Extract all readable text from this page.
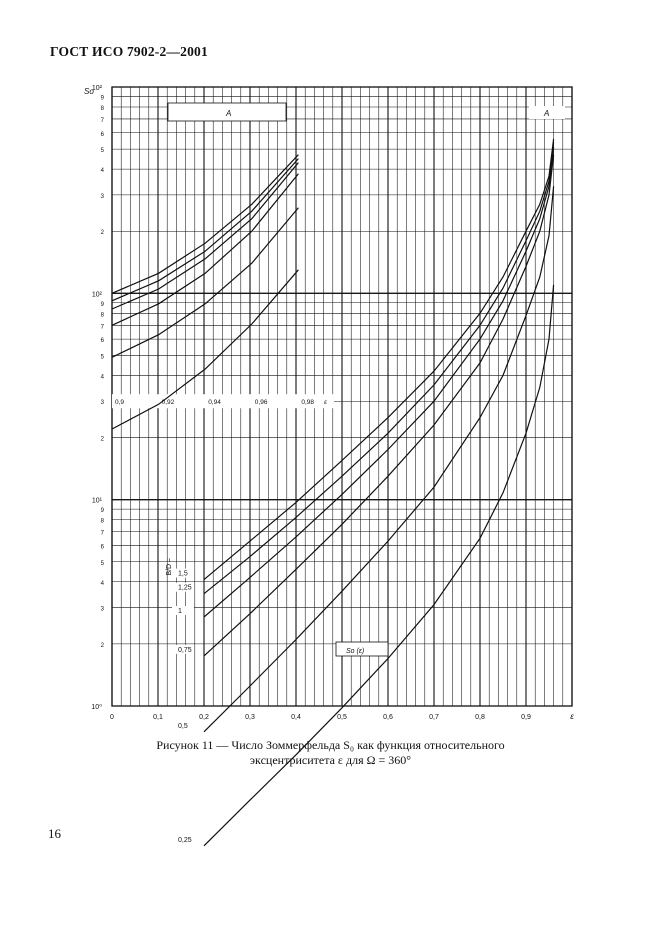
ГОСТ ИСО 7902-2—2001
0,9	0,92	0,94	0,96	0,98 ε
A
1,5
1,25
1
0,75
0,5
0,25
B/D =
A
So (ε)
So
10⁰
2
3
4
5
6
7
8
9
10¹
2
3
4
5
6
7
8
9
10²
2
3
4
5
6
7
8
9
10²
0	0,1	0,2	0,3	0,4	0,5	0,6	0,7	0,8	0,9	ε
Рисунок 11 — Число Зоммерфельда S₀ как функция относительного
эксцентриситета ε для Ω = 360°
16
